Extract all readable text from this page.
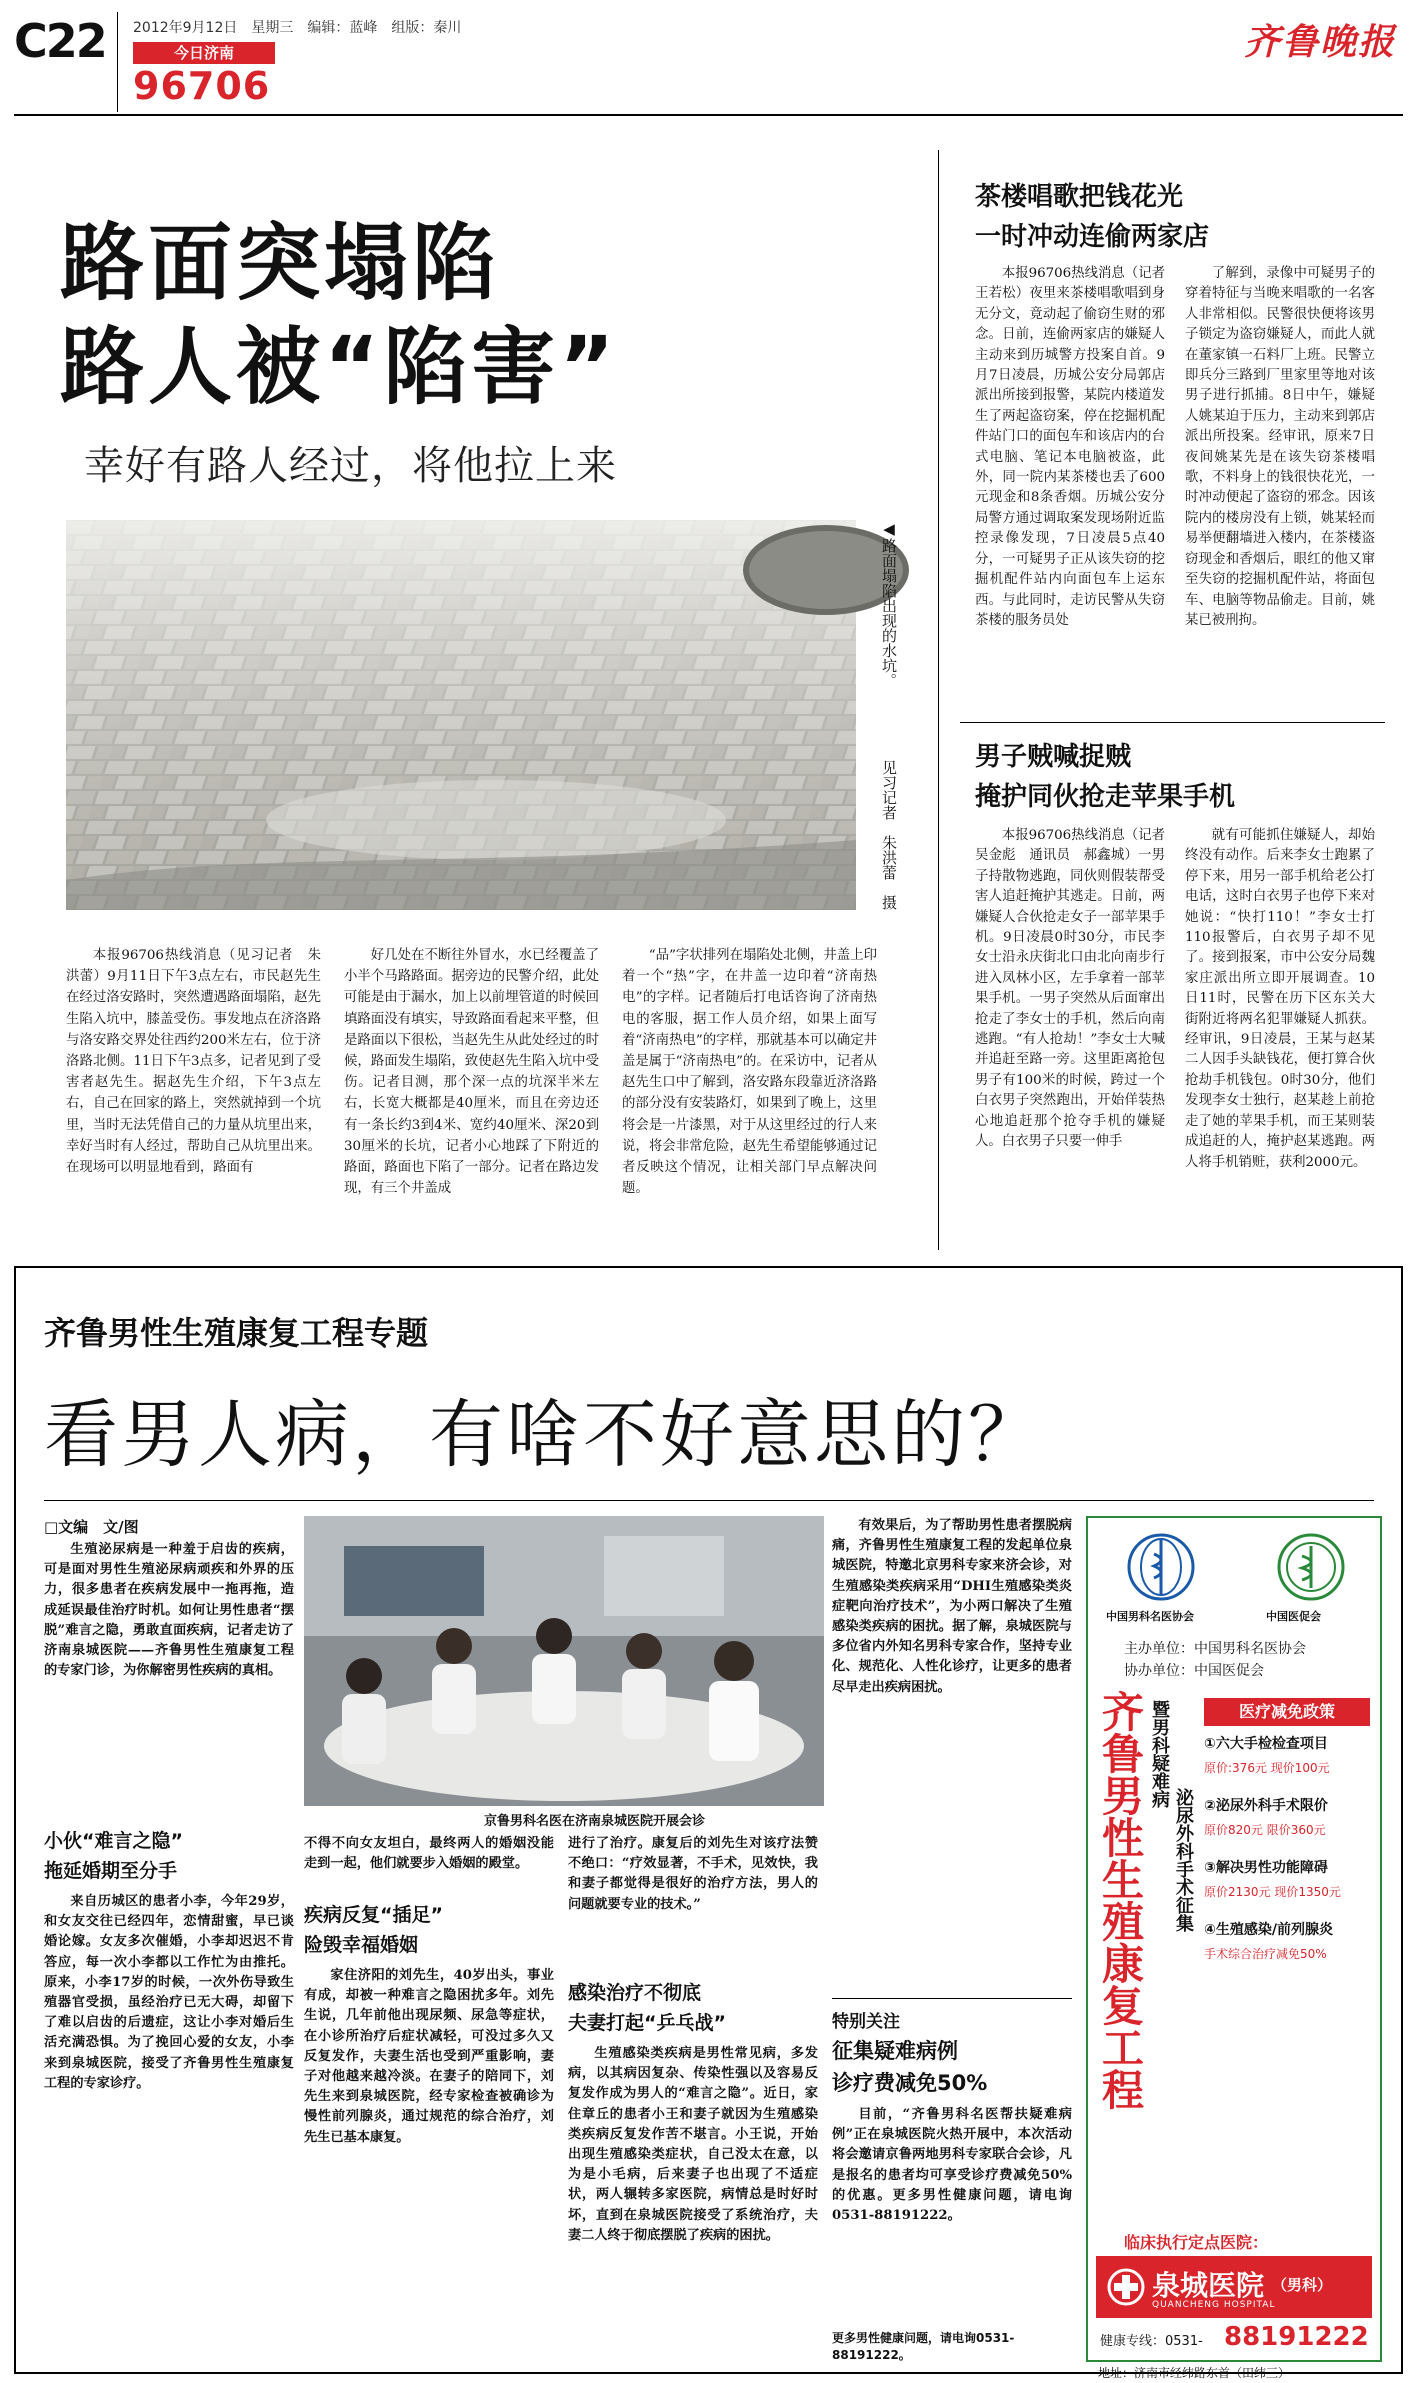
C22 2012年9月12日　星期三　编辑：蓝峰　组版：秦川
今日济南
96706
齐鲁晚报
路面突塌陷
路人被“陷害”
幸好有路人经过，将他拉上来
◀路面塌陷出现的水坑。
见习记者　朱洪蕾　摄
本报96706热线消息（见习记者　朱洪蕾）9月11日下午3点左右，市民赵先生在经过洛安路时，突然遭遇路面塌陷，赵先生陷入坑中，膝盖受伤。事发地点在济洛路与洛安路交界处往西约200米左右，位于济洛路北侧。11日下午3点多，记者见到了受害者赵先生。据赵先生介绍，下午3点左右，自己在回家的路上，突然就掉到一个坑里，当时无法凭借自己的力量从坑里出来，幸好当时有人经过，帮助自己从坑里出来。在现场可以明显地看到，路面有
好几处在不断往外冒水，水已经覆盖了小半个马路路面。据旁边的民警介绍，此处可能是由于漏水，加上以前埋管道的时候回填路面没有填实，导致路面看起来平整，但是路面以下很松，当赵先生从此处经过的时候，路面发生塌陷，致使赵先生陷入坑中受伤。记者目测，那个深一点的坑深半米左右，长宽大概都是40厘米，而且在旁边还有一条长约3到4米、宽约40厘米、深20到30厘米的长坑，记者小心地踩了下附近的路面，路面也下陷了一部分。记者在路边发现，有三个井盖成
“品”字状排列在塌陷处北侧，井盖上印着一个“热”字，在井盖一边印着“济南热电”的字样。记者随后打电话咨询了济南热电的客服，据工作人员介绍，如果上面写着“济南热电”的字样，那就基本可以确定井盖是属于“济南热电”的。在采访中，记者从赵先生口中了解到，洛安路东段靠近济洛路的部分没有安装路灯，如果到了晚上，这里将会是一片漆黑，对于从这里经过的行人来说，将会非常危险，赵先生希望能够通过记者反映这个情况，让相关部门早点解决问题。
茶楼唱歌把钱花光
一时冲动连偷两家店
本报96706热线消息（记者　王若松）夜里来茶楼唱歌唱到身无分文，竟动起了偷窃生财的邪念。日前，连偷两家店的嫌疑人主动来到历城警方投案自首。9月7日凌晨，历城公安分局郭店派出所接到报警，某院内楼道发生了两起盗窃案，停在挖掘机配件站门口的面包车和该店内的台式电脑、笔记本电脑被盗，此外，同一院内某茶楼也丢了600元现金和8条香烟。历城公安分局警方通过调取案发现场附近监控录像发现，7日凌晨5点40分，一可疑男子正从该失窃的挖掘机配件站内向面包车上运东西。与此同时，走访民警从失窃茶楼的服务员处
了解到，录像中可疑男子的穿着特征与当晚来唱歌的一名客人非常相似。民警很快便将该男子锁定为盗窃嫌疑人，而此人就在董家镇一石料厂上班。民警立即兵分三路到厂里家里等地对该男子进行抓捕。8日中午，嫌疑人姚某迫于压力，主动来到郭店派出所投案。经审讯，原来7日夜间姚某先是在该失窃茶楼唱歌，不料身上的钱很快花光，一时冲动便起了盗窃的邪念。因该院内的楼房没有上锁，姚某轻而易举便翻墙进入楼内，在茶楼盗窃现金和香烟后，眼红的他又窜至失窃的挖掘机配件站，将面包车、电脑等物品偷走。目前，姚某已被刑拘。
男子贼喊捉贼
掩护同伙抢走苹果手机
本报96706热线消息（记者　吴金彪　通讯员　郝鑫城）一男子持散物逃跑，同伙则假装帮受害人追赶掩护其逃走。日前，两嫌疑人合伙抢走女子一部苹果手机。9日凌晨0时30分，市民李女士沿永庆街北口由北向南步行进入凤林小区，左手拿着一部苹果手机。一男子突然从后面窜出抢走了李女士的手机，然后向南逃跑。“有人抢劫！”李女士大喊并追赶至路一旁。这里距离抢包男子有100米的时候，跨过一个白衣男子突然跑出，开始佯装热心地追赶那个抢夺手机的嫌疑人。白衣男子只要一伸手
就有可能抓住嫌疑人，却始终没有动作。后来李女士跑累了停下来，用另一部手机给老公打电话，这时白衣男子也停下来对她说：“快打110！”李女士打110报警后，白衣男子却不见了。接到报案，市中公安分局魏家庄派出所立即开展调查。10日11时，民警在历下区东关大街附近将两名犯罪嫌疑人抓获。经审讯，9日凌晨，王某与赵某二人因手头缺钱花，便打算合伙抢劫手机钱包。0时30分，他们发现李女士独行，赵某趁上前抢走了她的苹果手机，而王某则装成追赶的人，掩护赵某逃跑。两人将手机销赃，获利2000元。
齐鲁男性生殖康复工程专题
看男人病，有啥不好意思的？
□文编　文/图
生殖泌尿病是一种羞于启齿的疾病，可是面对男性生殖泌尿病顽疾和外界的压力，很多患者在疾病发展中一拖再拖，造成延误最佳治疗时机。如何让男性患者“摆脱”难言之隐，勇敢直面疾病，记者走访了济南泉城医院——齐鲁男性生殖康复工程的专家门诊，为你解密男性疾病的真相。
小伙“难言之隐”
拖延婚期至分手
来自历城区的患者小李，今年29岁，和女友交往已经四年，恋情甜蜜，早已谈婚论嫁。女友多次催婚，小李却迟迟不肯答应，每一次小李都以工作忙为由推托。原来，小李17岁的时候，一次外伤导致生殖器官受损，虽经治疗已无大碍，却留下了难以启齿的后遗症，这让小李对婚后生活充满恐惧。为了挽回心爱的女友，小李来到泉城医院，接受了齐鲁男性生殖康复工程的专家诊疗。
京鲁男科名医在济南泉城医院开展会诊
不得不向女友坦白，最终两人的婚姻没能走到一起，他们就要步入婚姻的殿堂。
疾病反复“插足”
险毁幸福婚姻
家住济阳的刘先生，40岁出头，事业有成，却被一种难言之隐困扰多年。刘先生说，几年前他出现尿频、尿急等症状，在小诊所治疗后症状减轻，可没过多久又反复发作，夫妻生活也受到严重影响，妻子对他越来越冷淡。在妻子的陪同下，刘先生来到泉城医院，经专家检查被确诊为慢性前列腺炎，通过规范的综合治疗，刘先生已基本康复。
进行了治疗。康复后的刘先生对该疗法赞不绝口：“疗效显著，不手术，见效快，我和妻子都觉得是很好的治疗方法，男人的问题就要专业的技术。”
感染治疗不彻底
夫妻打起“乒乓战”
生殖感染类疾病是男性常见病，多发病，以其病因复杂、传染性强以及容易反复发作成为男人的“难言之隐”。近日，家住章丘的患者小王和妻子就因为生殖感染类疾病反复发作苦不堪言。小王说，开始出现生殖感染类症状，自己没太在意，以为是小毛病，后来妻子也出现了不适症状，两人辗转多家医院，病情总是时好时坏，直到在泉城医院接受了系统治疗，夫妻二人终于彻底摆脱了疾病的困扰。
有效果后，为了帮助男性患者摆脱病痛，齐鲁男性生殖康复工程的发起单位泉城医院，特邀北京男科专家来济会诊，对生殖感染类疾病采用“DHI生殖感染类炎症靶向治疗技术”，为小两口解决了生殖感染类疾病的困扰。据了解，泉城医院与多位省内外知名男科专家合作，坚持专业化、规范化、人性化诊疗，让更多的患者尽早走出疾病困扰。
特别关注
征集疑难病例
诊疗费减免50%
目前，“齐鲁男科名医帮扶疑难病例”正在泉城医院火热开展中，本次活动将会邀请京鲁两地男科专家联合会诊，凡是报名的患者均可享受诊疗费减免50%的优惠。更多男性健康问题，请电询0531-88191222。
更多男性健康问题，请电询0531-88191222。
中国男科名医协会	中国医促会
主办单位：中国男科名医协会
协办单位：中国医促会
齐鲁男性生殖康复工程 暨男科疑难病
泌尿外科手术征集
医疗减免政策
①六大手检检查项目
原价:376元 现价100元
②泌尿外科手术限价
原价820元 限价360元
③解决男性功能障碍
原价2130元 现价1350元
④生殖感染/前列腺炎
手术综合治疗减免50%
临床执行定点医院：
泉城医院 （男科）
QUANCHENG HOSPITAL
健康专线：0531- 88191222
地址：济南市经纬路东首（田纬三）
